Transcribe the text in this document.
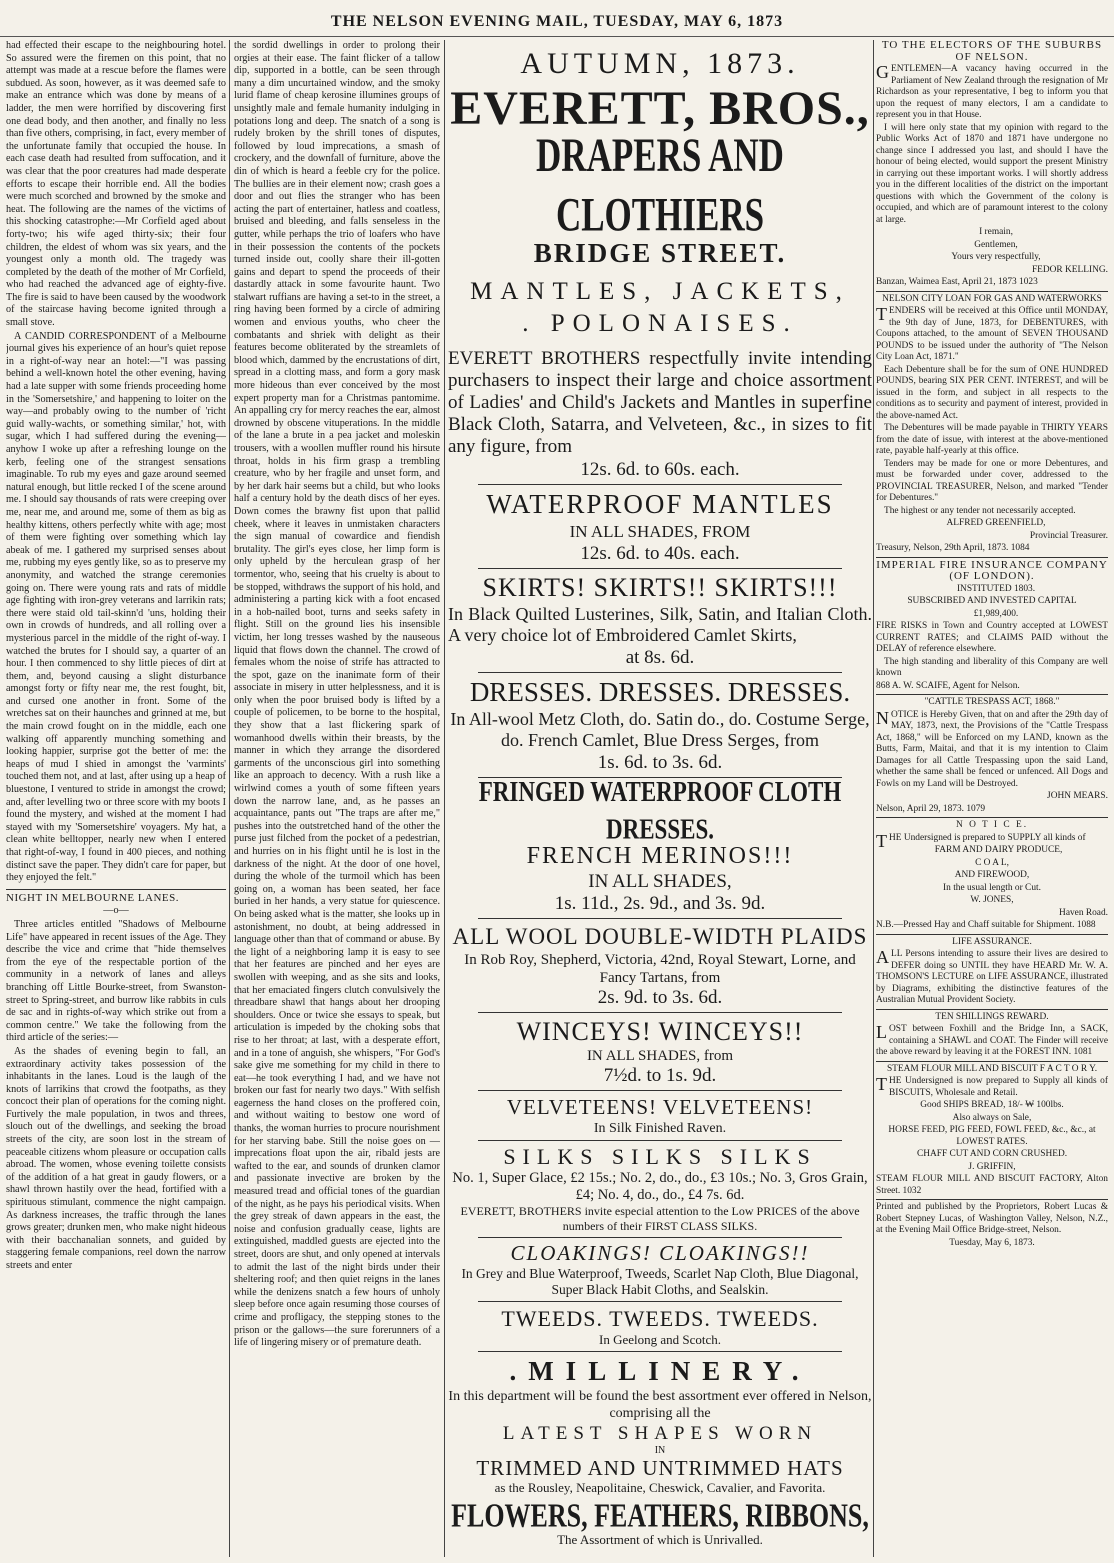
THE NELSON EVENING MAIL, TUESDAY, MAY 6, 1873

had effected their escape to the neighbouring hotel. So assured were the firemen on this point, that no attempt was made at a rescue before the flames were subdued. As soon, however, as it was deemed safe to make an entrance which was done by means of a ladder, the men were horrified by discovering first one dead body, and then another, and finally no less than five others, comprising, in fact, every member of the unfortunate family that occupied the house. In each case death had resulted from suffocation, and it was clear that the poor creatures had made desperate efforts to escape their horrible end. All the bodies were much scorched and browned by the smoke and heat. The following are the names of the victims of this shocking catastrophe:—Mr Corfield aged about forty-two; his wife aged thirty-six; their four children, the eldest of whom was six years, and the youngest only a month old. The tragedy was completed by the death of the mother of Mr Corfield, who had reached the advanced age of eighty-five. The fire is said to have been caused by the woodwork of the staircase having become ignited through a small stove.

A CANDID CORRESPONDENT of a Melbourne journal gives his experience of an hour's quiet repose in a right-of-way near an hotel:—"I was passing behind a well-known hotel the other evening, having had a late supper with some friends proceeding home in the 'Somersetshire,' and happening to loiter on the way—and probably owing to the number of 'richt guid wally-wachts, or something similar,' hot, with sugar, which I had suffered during the evening—anyhow I woke up after a refreshing lounge on the kerb, feeling one of the strangest sensations imaginable. To rub my eyes and gaze around seemed natural enough, but little recked I of the scene around me. I should say thousands of rats were creeping over me, near me, and around me, some of them as big as healthy kittens, others perfectly white with age; most of them were fighting over something which lay abeak of me. I gathered my surprised senses about me, rubbing my eyes gently like, so as to preserve my anonymity, and watched the strange ceremonies going on. There were young rats and rats of middle age fighting with iron-grey veterans and larrikin rats; there were staid old tail-skinn'd 'uns, holding their own in crowds of hundreds, and all rolling over a mysterious parcel in the middle of the right of-way. I watched the brutes for I should say, a quarter of an hour. I then commenced to shy little pieces of dirt at them, and, beyond causing a slight disturbance amongst forty or fifty near me, the rest fought, bit, and cursed one another in front. Some of the wretches sat on their haunches and grinned at me, but the main crowd fought on in the middle, each one walking off apparently munching something and looking happier, surprise got the better of me: the heaps of mud I shied in amongst the 'varmints' touched them not, and at last, after using up a heap of bluestone, I ventured to stride in amongst the crowd; and, after levelling two or three score with my boots I found the mystery, and wished at the moment I had stayed with my 'Somersetshire' voyagers. My hat, a clean white belltopper, nearly new when I entered that right-of-way, I found in 400 pieces, and nothing distinct save the paper. They didn't care for paper, but they enjoyed the felt."

NIGHT IN MELBOURNE LANES.

—o—

Three articles entitled "Shadows of Melbourne Life" have appeared in recent issues of the Age. They describe the vice and crime that "hide themselves from the eye of the respectable portion of the community in a network of lanes and alleys branching off Little Bourke-street, from Swanston-street to Spring-street, and burrow like rabbits in culs de sac and in rights-of-way which strike out from a common centre." We take the following from the third article of the series:—

As the shades of evening begin to fall, an extraordinary activity takes possession of the inhabitants in the lanes. Loud is the laugh of the knots of larrikins that crowd the footpaths, as they concoct their plan of operations for the coming night. Furtively the male population, in twos and threes, slouch out of the dwellings, and seeking the broad streets of the city, are soon lost in the stream of peaceable citizens whom pleasure or occupation calls abroad. The women, whose evening toilette consists of the addition of a hat great in gaudy flowers, or a shawl thrown hastily over the head, fortified with a spirituous stimulant, commence the night campaign. As darkness increases, the traffic through the lanes grows greater; drunken men, who make night hideous with their bacchanalian sonnets, and guided by staggering female companions, reel down the narrow streets and enter

the sordid dwellings in order to prolong their orgies at their ease. The faint flicker of a tallow dip, supported in a bottle, can be seen through many a dim uncurtained window, and the smoky lurid flame of cheap kerosine illumines groups of unsightly male and female humanity indulging in potations long and deep. The snatch of a song is rudely broken by the shrill tones of disputes, followed by loud imprecations, a smash of crockery, and the downfall of furniture, above the din of which is heard a feeble cry for the police. The bullies are in their element now; crash goes a door and out flies the stranger who has been acting the part of entertainer, hatless and coatless, bruised and bleeding, and falls senseless in the gutter, while perhaps the trio of loafers who have in their possession the contents of the pockets turned inside out, coolly share their ill-gotten gains and depart to spend the proceeds of their dastardly attack in some favourite haunt. Two stalwart ruffians are having a set-to in the street, a ring having been formed by a circle of admiring women and envious youths, who cheer the combatants and shriek with delight as their features become obliterated by the streamlets of blood which, dammed by the encrustations of dirt, spread in a clotting mass, and form a gory mask more hideous than ever conceived by the most expert property man for a Christmas pantomime. An appalling cry for mercy reaches the ear, almost drowned by obscene vituperations. In the middle of the lane a brute in a pea jacket and moleskin trousers, with a woollen muffler round his hirsute throat, holds in his firm grasp a trembling creature, who by her fragile and unset form, and by her dark hair seems but a child, but who looks half a century hold by the death discs of her eyes. Down comes the brawny fist upon that pallid cheek, where it leaves in unmistaken characters the sign manual of cowardice and fiendish brutality. The girl's eyes close, her limp form is only upheld by the herculean grasp of her tormentor, who, seeing that his cruelty is about to be stopped, withdraws the support of his hold, and administering a parting kick with a foot encased in a hob-nailed boot, turns and seeks safety in flight. Still on the ground lies his insensible victim, her long tresses washed by the nauseous liquid that flows down the channel. The crowd of females whom the noise of strife has attracted to the spot, gaze on the inanimate form of their associate in misery in utter helplessness, and it is only when the poor bruised body is lifted by a couple of policemen, to be borne to the hospital, they show that a last flickering spark of womanhood dwells within their breasts, by the manner in which they arrange the disordered garments of the unconscious girl into something like an approach to decency. With a rush like a wirlwind comes a youth of some fifteen years down the narrow lane, and, as he passes an acquaintance, pants out "The traps are after me," pushes into the outstretched hand of the other the purse just filched from the pocket of a pedestrian, and hurries on in his flight until he is lost in the darkness of the night. At the door of one hovel, during the whole of the turmoil which has been going on, a woman has been seated, her face buried in her hands, a very statue for quiescence. On being asked what is the matter, she looks up in astonishment, no doubt, at being addressed in language other than that of command or abuse. By the light of a neighboring lamp it is easy to see that her features are pinched and her eyes are swollen with weeping, and as she sits and looks, that her emaciated fingers clutch convulsively the threadbare shawl that hangs about her drooping shoulders. Once or twice she essays to speak, but articulation is impeded by the choking sobs that rise to her throat; at last, with a desperate effort, and in a tone of anguish, she whispers, "For God's sake give me something for my child in there to eat—he took everything I had, and we have not broken our fast for nearly two days." With selfish eagerness the hand closes on the proffered coin, and without waiting to bestow one word of thanks, the woman hurries to procure nourishment for her starving babe. Still the noise goes on — imprecations float upon the air, ribald jests are wafted to the ear, and sounds of drunken clamor and passionate invective are broken by the measured tread and official tones of the guardian of the night, as he pays his periodical visits. When the grey streak of dawn appears in the east, the noise and confusion gradually cease, lights are extinguished, maddled guests are ejected into the street, doors are shut, and only opened at intervals to admit the last of the night birds under their sheltering roof; and then quiet reigns in the lanes while the denizens snatch a few hours of unholy sleep before once again resuming those courses of crime and profligacy, the stepping stones to the prison or the gallows—the sure forerunners of a life of lingering misery or of premature death.

AUTUMN, 1873.
EVERETT, BROS.,
DRAPERS AND CLOTHIERS
BRIDGE STREET.
MANTLES, JACKETS,
. POLONAISES.
EVERETT BROTHERS respectfully invite intending purchasers to inspect their large and choice assortment of Ladies' and Child's Jackets and Mantles in superfine Black Cloth, Satarra, and Velveteen, &c., in sizes to fit any figure, from
12s. 6d. to 60s. each.
WATERPROOF MANTLES
IN ALL SHADES, FROM
12s. 6d. to 40s. each.
SKIRTS! SKIRTS!! SKIRTS!!!
In Black Quilted Lusterines, Silk, Satin, and Italian Cloth. A very choice lot of Embroidered Camlet Skirts,
at 8s. 6d.
DRESSES. DRESSES. DRESSES.
In All-wool Metz Cloth, do. Satin do., do. Costume Serge, do. French Camlet, Blue Dress Serges, from
1s. 6d. to 3s. 6d.
FRINGED WATERPROOF CLOTH DRESSES.
FRENCH MERINOS!!!
IN ALL SHADES,
1s. 11d., 2s. 9d., and 3s. 9d.
ALL WOOL DOUBLE-WIDTH PLAIDS
In Rob Roy, Shepherd, Victoria, 42nd, Royal Stewart, Lorne, and Fancy Tartans, from
2s. 9d. to 3s. 6d.
WINCEYS! WINCEYS!!
IN ALL SHADES, from
7½d. to 1s. 9d.
VELVETEENS! VELVETEENS!
In Silk Finished Raven.
SILKS SILKS SILKS
No. 1, Super Glace, £2 15s.; No. 2, do., do., £3 10s.; No. 3, Gros Grain, £4; No. 4, do., do., £4 7s. 6d.
EVERETT, BROTHERS invite especial attention to the Low PRICES of the above numbers of their FIRST CLASS SILKS.
CLOAKINGS! CLOAKINGS!!
In Grey and Blue Waterproof, Tweeds, Scarlet Nap Cloth, Blue Diagonal, Super Black Habit Cloths, and Sealskin.
TWEEDS. TWEEDS. TWEEDS.
In Geelong and Scotch.
.MILLINERY.
In this department will be found the best assortment ever offered in Nelson, comprising all the
LATEST SHAPES WORN
IN
TRIMMED AND UNTRIMMED HATS
as the Rousley, Neapolitaine, Cheswick, Cavalier, and Favorita.
FLOWERS, FEATHERS, RIBBONS,
The Assortment of which is Unrivalled.

TO THE ELECTORS OF THE SUBURBS OF NELSON.

GENTLEMEN—A vacancy having occurred in the Parliament of New Zealand through the resignation of Mr Richardson as your representative, I beg to inform you that upon the request of many electors, I am a candidate to represent you in that House.

I will here only state that my opinion with regard to the Public Works Act of 1870 and 1871 have undergone no change since I addressed you last, and should I have the honour of being elected, would support the present Ministry in carrying out these important works. I will shortly address you in the different localities of the district on the important questions with which the Government of the colony is occupied, and which are of paramount interest to the colony at large.

I remain,

Gentlemen,

Yours very respectfully,

FEDOR KELLING.

Banzan, Waimea East, April 21, 1873 1023

NELSON CITY LOAN FOR GAS AND WATERWORKS

TENDERS will be received at this Office until MONDAY, the 9th day of June, 1873, for DEBENTURES, with Coupons attached, to the amount of SEVEN THOUSAND POUNDS to be issued under the authority of "The Nelson City Loan Act, 1871."

Each Debenture shall be for the sum of ONE HUNDRED POUNDS, bearing SIX PER CENT. INTEREST, and will be issued in the form, and subject in all respects to the conditions as to security and payment of interest, provided in the above-named Act.

The Debentures will be made payable in THIRTY YEARS from the date of issue, with interest at the above-mentioned rate, payable half-yearly at this office.

Tenders may be made for one or more Debentures, and must be forwarded under cover, addressed to the PROVINCIAL TREASURER, Nelson, and marked "Tender for Debentures."

The highest or any tender not necessarily accepted.

ALFRED GREENFIELD,

Provincial Treasurer.

Treasury, Nelson, 29th April, 1873. 1084

IMPERIAL FIRE INSURANCE COMPANY (OF LONDON).

INSTITUTED 1803.

SUBSCRIBED AND INVESTED CAPITAL

£1,989,400.

FIRE RISKS in Town and Country accepted at LOWEST CURRENT RATES; and CLAIMS PAID without the DELAY of reference elsewhere.

The high standing and liberality of this Company are well known

868 A. W. SCAIFE, Agent for Nelson.

"CATTLE TRESPASS ACT, 1868."

NOTICE is Hereby Given, that on and after the 29th day of MAY, 1873, next, the Provisions of the "Cattle Trespass Act, 1868," will be Enforced on my LAND, known as the Butts, Farm, Maitai, and that it is my intention to Claim Damages for all Cattle Trespassing upon the said Land, whether the same shall be fenced or unfenced. All Dogs and Fowls on my Land will be Destroyed.

JOHN MEARS.

Nelson, April 29, 1873. 1079

N O T I C E.

THE Undersigned is prepared to SUPPLY all kinds of

FARM AND DAIRY PRODUCE,

C O A L,

AND FIREWOOD,

In the usual length or Cut.

W. JONES,

Haven Road.

N.B.—Pressed Hay and Chaff suitable for Shipment. 1088

LIFE ASSURANCE.

ALL Persons intending to assure their lives are desired to DEFER doing so UNTIL they have HEARD Mr. W. A. THOMSON'S LECTURE on LIFE ASSURANCE, illustrated by Diagrams, exhibiting the distinctive features of the Australian Mutual Provident Society.

TEN SHILLINGS REWARD.

LOST between Foxhill and the Bridge Inn, a SACK, containing a SHAWL and COAT. The Finder will receive the above reward by leaving it at the FOREST INN. 1081

STEAM FLOUR MILL AND BISCUIT F A C T O R Y.

THE Undersigned is now prepared to Supply all kinds of BISCUITS, Wholesale and Retail.

Good SHIPS BREAD, 18/- ₩ 100lbs.

Also always on Sale,

HORSE FEED, PIG FEED, FOWL FEED, &c., &c., at LOWEST RATES.

CHAFF CUT AND CORN CRUSHED.

J. GRIFFIN,

STEAM FLOUR MILL AND BISCUIT FACTORY, Alton Street. 1032

Printed and published by the Proprietors, Robert Lucas & Robert Stepney Lucas, of Washington Valley, Nelson, N.Z., at the Evening Mail Office Bridge-street, Nelson.

Tuesday, May 6, 1873.
